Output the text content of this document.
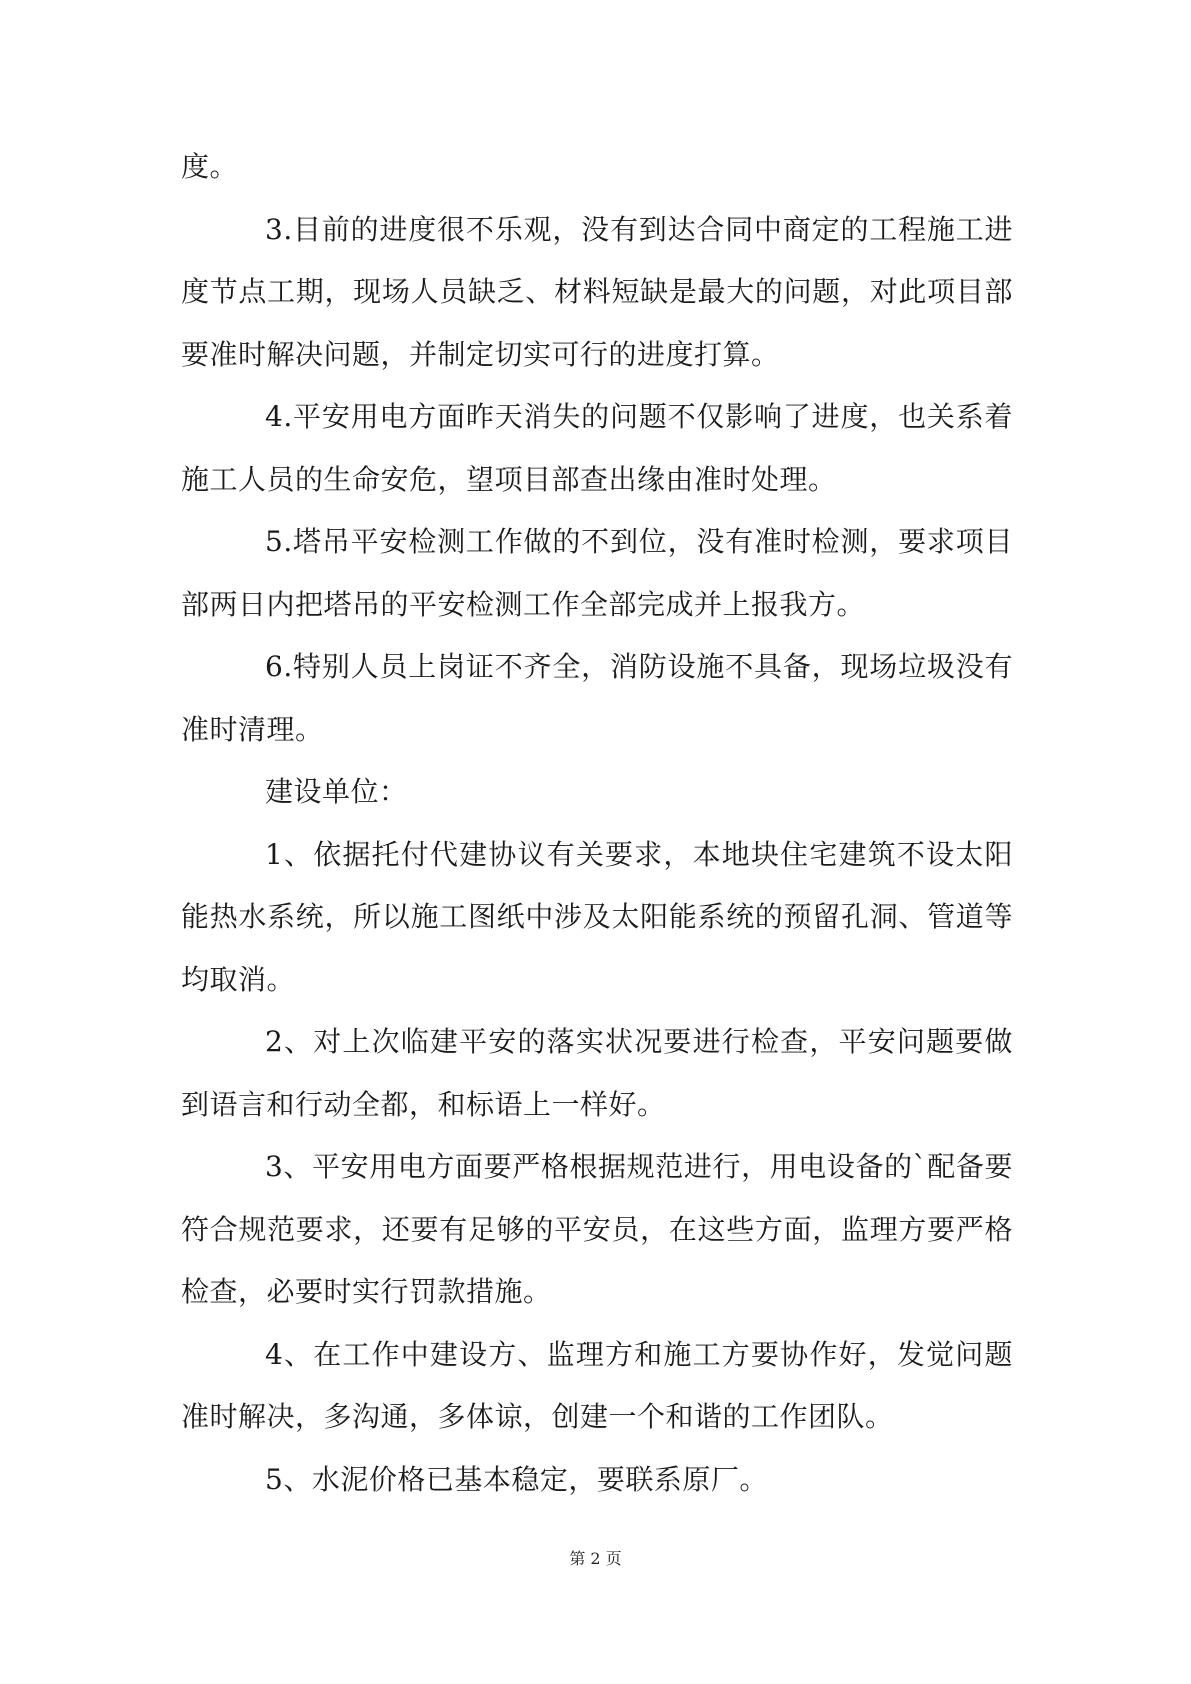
度。

3.目前的进度很不乐观，没有到达合同中商定的工程施工进度节点工期，现场人员缺乏、材料短缺是最大的问题，对此项目部要准时解决问题，并制定切实可行的进度打算。

4.平安用电方面昨天消失的问题不仅影响了进度，也关系着施工人员的生命安危，望项目部查出缘由准时处理。

5.塔吊平安检测工作做的不到位，没有准时检测，要求项目部两日内把塔吊的平安检测工作全部完成并上报我方。

6.特别人员上岗证不齐全，消防设施不具备，现场垃圾没有准时清理。

建设单位：

1、依据托付代建协议有关要求，本地块住宅建筑不设太阳能热水系统，所以施工图纸中涉及太阳能系统的预留孔洞、管道等均取消。

2、对上次临建平安的落实状况要进行检查，平安问题要做到语言和行动全都，和标语上一样好。

3、平安用电方面要严格根据规范进行，用电设备的`配备要符合规范要求，还要有足够的平安员，在这些方面，监理方要严格检查，必要时实行罚款措施。

4、在工作中建设方、监理方和施工方要协作好，发觉问题准时解决，多沟通，多体谅，创建一个和谐的工作团队。

5、水泥价格已基本稳定，要联系原厂。

第 2 页
